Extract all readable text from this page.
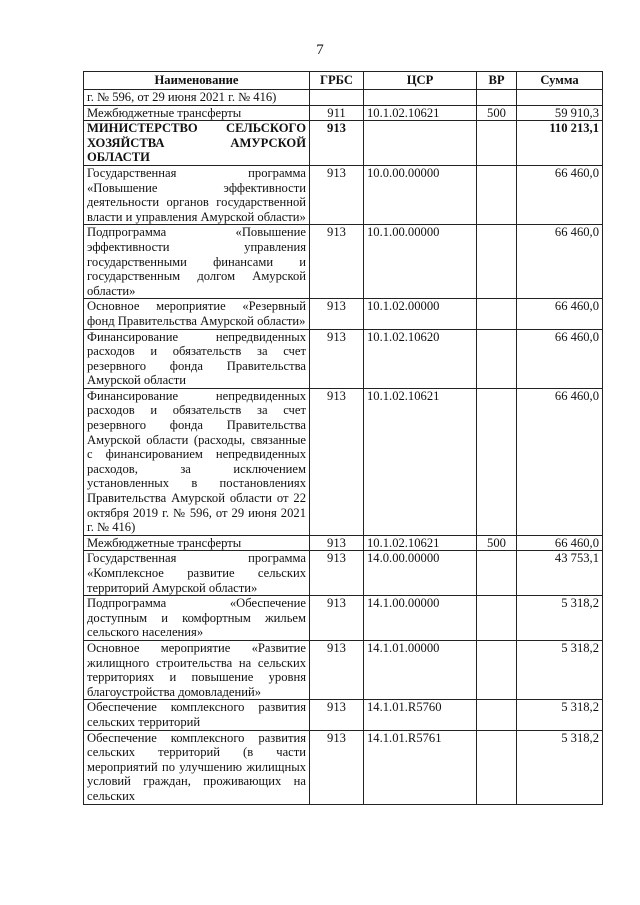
7
Наименование	ГРБС	ЦСР	ВР	Сумма
г. № 596, от 29 июня 2021 г. № 416)				
Межбюджетные трансферты	911	10.1.02.10621	500	59 910,3
МИНИСТЕРСТВО СЕЛЬСКОГО ХОЗЯЙСТВА АМУРСКОЙ ОБЛАСТИ	913			110 213,1
Государственная программа «Повышение эффективности деятельности органов государственной власти и управления Амурской области»	913	10.0.00.00000		66 460,0
Подпрограмма «Повышение эффективности управления государственными финансами и государственным долгом Амурской области»	913	10.1.00.00000		66 460,0
Основное мероприятие «Резервный фонд Правительства Амурской области»	913	10.1.02.00000		66 460,0
Финансирование непредвиденных расходов и обязательств за счет резервного фонда Правительства Амурской области	913	10.1.02.10620		66 460,0
Финансирование непредвиденных расходов и обязательств за счет резервного фонда Правительства Амурской области (расходы, связанные с финансированием непредвиденных расходов, за исключением установленных в постановлениях Правительства Амурской области от 22 октября 2019 г. № 596, от 29 июня 2021 г. № 416)	913	10.1.02.10621		66 460,0
Межбюджетные трансферты	913	10.1.02.10621	500	66 460,0
Государственная программа «Комплексное развитие сельских территорий Амурской области»	913	14.0.00.00000		43 753,1
Подпрограмма «Обеспечение доступным и комфортным жильем сельского населения»	913	14.1.00.00000		5 318,2
Основное мероприятие «Развитие жилищного строительства на сельских территориях и повышение уровня благоустройства домовладений»	913	14.1.01.00000		5 318,2
Обеспечение комплексного развития сельских территорий	913	14.1.01.R5760		5 318,2
Обеспечение комплексного развития сельских территорий (в части мероприятий по улучшению жилищных условий граждан, проживающих на сельских	913	14.1.01.R5761		5 318,2
